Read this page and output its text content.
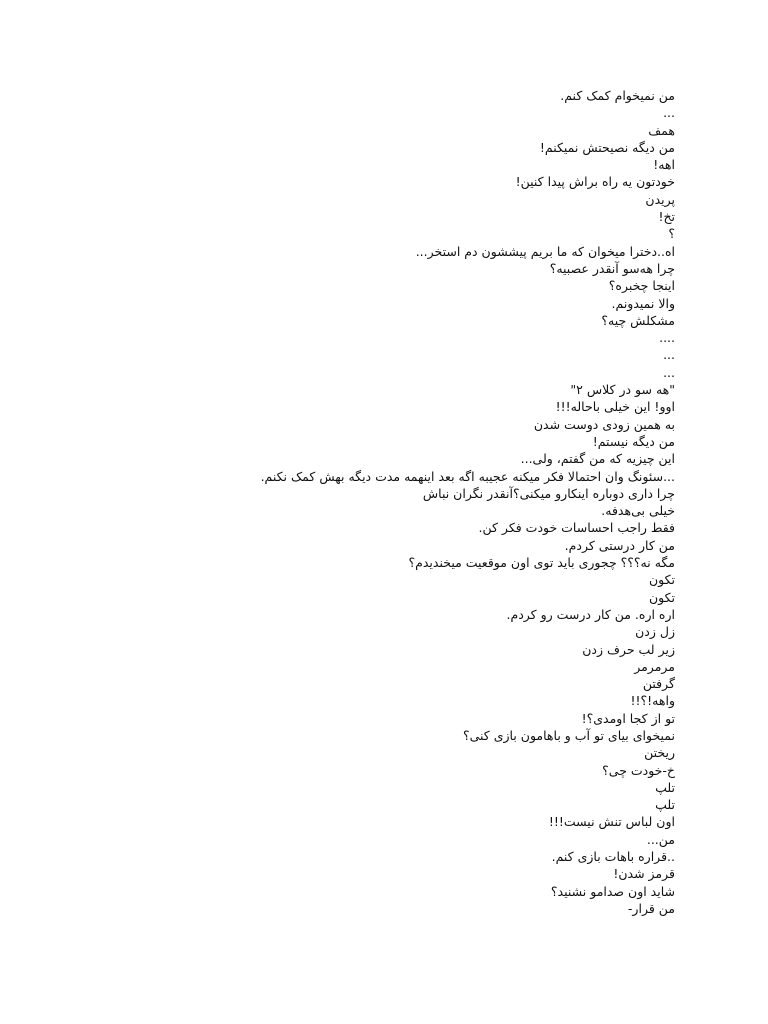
من نمیخوام کمک کنم.
...
همف
من دیگه نصیحتش نمیکنم!
اهه!
خودتون یه راه براش پیدا کنین!
پریدن
تخ!
؟
اه..دخترا میخوان که ما بریم پیششون دم استخر...
چرا هه‌سو آنقدر عصبیه؟
اینجا چخبره؟
والا نمیدونم.
مشکلش چیه؟
....
...
...
"هه سو در کلاس ۲"
اوو! این خیلی باحاله!!!
به همین زودی دوست شدن
من دیگه نیستم!
این چیزیه که من گفتم، ولی...
...سئونگ وان احتمالا فکر میکنه عجیبه اگه بعد اینهمه مدت دیگه بهش کمک نکنم.
چرا داری دوباره اینکارو میکنی؟آنقدر نگران نباش
خیلی بی‌هدفه.
فقط راجب احساسات خودت فکر کن.
من کار درستی کردم.
مگه نه؟؟؟ چجوری باید توی اون موقعیت میخندیدم؟
تکون
تکون
اره اره. من کار درست رو کردم.
زل زدن
زیر لب حرف زدن
مرمرمر
گرفتن
واهه!؟!!
تو از کجا اومدی؟!
نمیخوای بیای تو آب و باهامون بازی کنی؟
ریختن
خ-خودت چی؟
تلپ
تلپ
اون لباس تنش نیست!!!
من...
..قراره باهات بازی کنم.
قرمز شدن!
شاید اون صدامو نشنید؟
من قرار-
